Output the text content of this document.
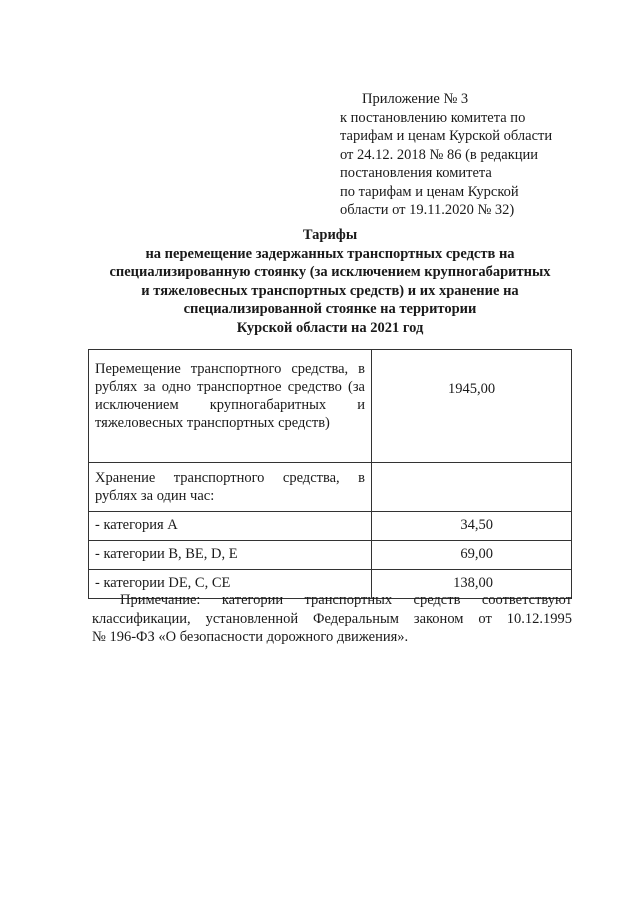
Приложение № 3
к постановлению комитета по
тарифам и ценам Курской области
от 24.12. 2018 № 86 (в редакции
постановления комитета
по тарифам и ценам Курской
области от 19.11.2020 № 32)
Тарифы
на перемещение задержанных транспортных средств на
специализированную стоянку (за исключением крупногабаритных
и тяжеловесных транспортных средств) и их хранение на
специализированной стоянке на территории
Курской области на 2021 год
Перемещение транспортного средства, в рублях за одно транспортное средство (за исключением крупногабаритных и тяжеловесных транспортных средств)	1945,00
Хранение транспортного средства, в рублях за один час:	
- категория А	34,50
- категории В, ВЕ, D, Е	69,00
- категории DE, С, СЕ	138,00
Примечание: категории транспортных средств соответствуют
классификации, установленной Федеральным законом от 10.12.1995
№ 196-ФЗ «О безопасности дорожного движения».
